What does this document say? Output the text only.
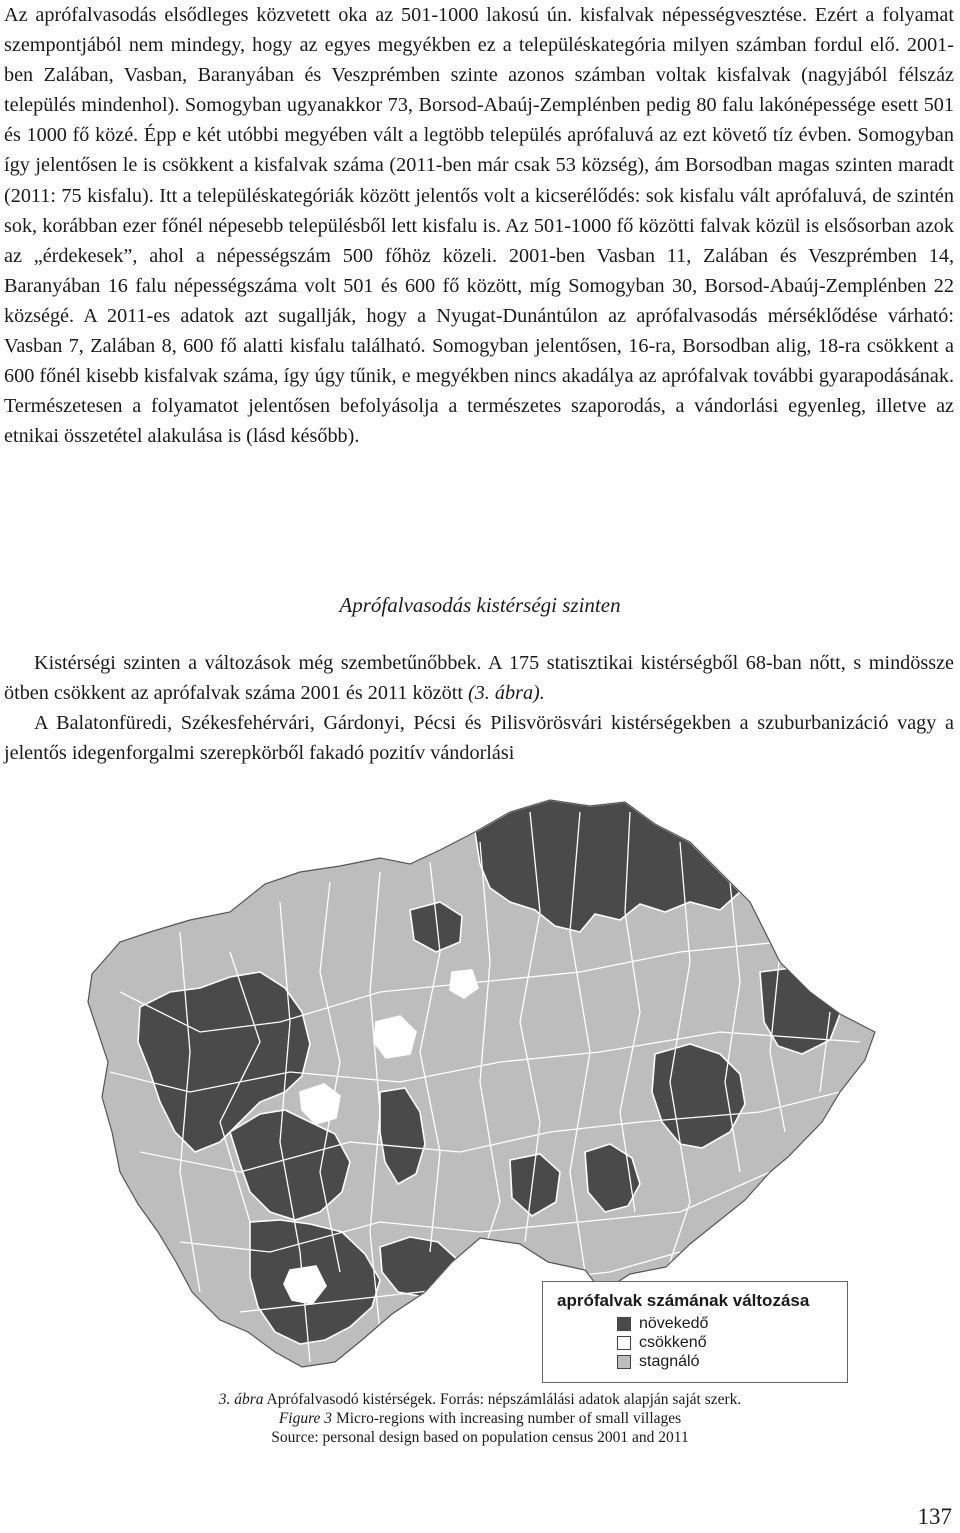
Az aprófalvasodás elsődleges közvetett oka az 501-1000 lakosú ún. kisfalvak népességvesztése. Ezért a folyamat szempontjából nem mindegy, hogy az egyes megyékben ez a településkategória milyen számban fordul elő. 2001-ben Zalában, Vasban, Baranyában és Veszprémben szinte azonos számban voltak kisfalvak (nagyjából félszáz település mindenhol). Somogyban ugyanakkor 73, Borsod-Abaúj-Zemplénben pedig 80 falu lakónépessége esett 501 és 1000 fő közé. Épp e két utóbbi megyében vált a legtöbb település aprófaluvá az ezt követő tíz évben. Somogyban így jelentősen le is csökkent a kisfalvak száma (2011-ben már csak 53 község), ám Borsodban magas szinten maradt (2011: 75 kisfalu). Itt a településkategóriák között jelentős volt a kicserélődés: sok kisfalu vált aprófaluvá, de szintén sok, korábban ezer főnél népesebb településből lett kisfalu is. Az 501-1000 fő közötti falvak közül is elsősorban azok az „érdekesek”, ahol a népességszám 500 főhöz közeli. 2001-ben Vasban 11, Zalában és Veszprémben 14, Baranyában 16 falu népességszáma volt 501 és 600 fő között, míg Somogyban 30, Borsod-Abaúj-Zemplénben 22 községé. A 2011-es adatok azt sugallják, hogy a Nyugat-Dunántúlon az aprófalvasodás mérséklődése várható: Vasban 7, Zalában 8, 600 fő alatti kisfalu található. Somogyban jelentősen, 16-ra, Borsodban alig, 18-ra csökkent a 600 főnél kisebb kisfalvak száma, így úgy tűnik, e megyékben nincs akadálya az aprófalvak további gyarapodásának. Természetesen a folyamatot jelentősen befolyásolja a természetes szaporodás, a vándorlási egyenleg, illetve az etnikai összetétel alakulása is (lásd később).

Aprófalvasodás kistérségi szinten

Kistérségi szinten a változások még szembetűnőbbek. A 175 statisztikai kistérségből 68-ban nőtt, s mindössze ötben csökkent az aprófalvak száma 2001 és 2011 között (3. ábra).

A Balatonfüredi, Székesfehérvári, Gárdonyi, Pécsi és Pilisvörösvári kistérségekben a szuburbanizáció vagy a jelentős idegenforgalmi szerepkörből fakadó pozitív vándorlási

aprófalvak számának változása
növekedő
csökkenő
stagnáló
3. ábra Aprófalvasodó kistérségek. Forrás: népszámlálási adatok alapján saját szerk.
Figure 3 Micro-regions with increasing number of small villages
Source: personal design based on population census 2001 and 2011
137
